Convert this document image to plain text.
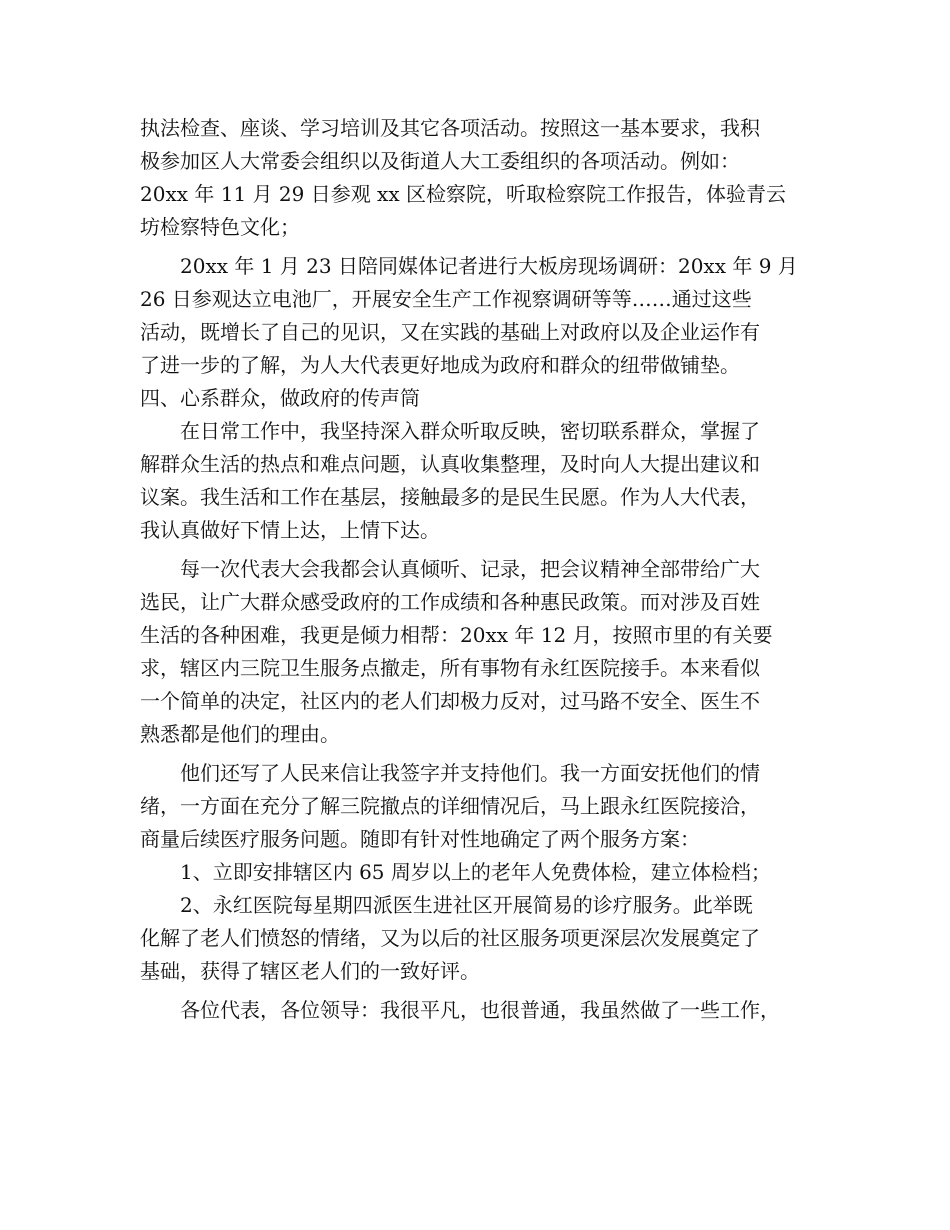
执法检查、座谈、学习培训及其它各项活动。按照这一基本要求，我积
极参加区人大常委会组织以及街道人大工委组织的各项活动。例如：
20xx 年 11 月 29 日参观 xx 区检察院，听取检察院工作报告，体验青云
坊检察特色文化；
20xx 年 1 月 23 日陪同媒体记者进行大板房现场调研：20xx 年 9 月
26 日参观达立电池厂，开展安全生产工作视察调研等等……通过这些
活动，既增长了自己的见识，又在实践的基础上对政府以及企业运作有
了进一步的了解，为人大代表更好地成为政府和群众的纽带做铺垫。
四、心系群众，做政府的传声筒
在日常工作中，我坚持深入群众听取反映，密切联系群众，掌握了
解群众生活的热点和难点问题，认真收集整理，及时向人大提出建议和
议案。我生活和工作在基层，接触最多的是民生民愿。作为人大代表，
我认真做好下情上达，上情下达。
每一次代表大会我都会认真倾听、记录，把会议精神全部带给广大
选民，让广大群众感受政府的工作成绩和各种惠民政策。而对涉及百姓
生活的各种困难，我更是倾力相帮：20xx 年 12 月，按照市里的有关要
求，辖区内三院卫生服务点撤走，所有事物有永红医院接手。本来看似
一个简单的决定，社区内的老人们却极力反对，过马路不安全、医生不
熟悉都是他们的理由。
他们还写了人民来信让我签字并支持他们。我一方面安抚他们的情
绪，一方面在充分了解三院撤点的详细情况后，马上跟永红医院接洽，
商量后续医疗服务问题。随即有针对性地确定了两个服务方案：
1、立即安排辖区内 65 周岁以上的老年人免费体检，建立体检档；
2、永红医院每星期四派医生进社区开展简易的诊疗服务。此举既
化解了老人们愤怒的情绪，又为以后的社区服务项更深层次发展奠定了
基础，获得了辖区老人们的一致好评。
各位代表，各位领导：我很平凡，也很普通，我虽然做了一些工作，
